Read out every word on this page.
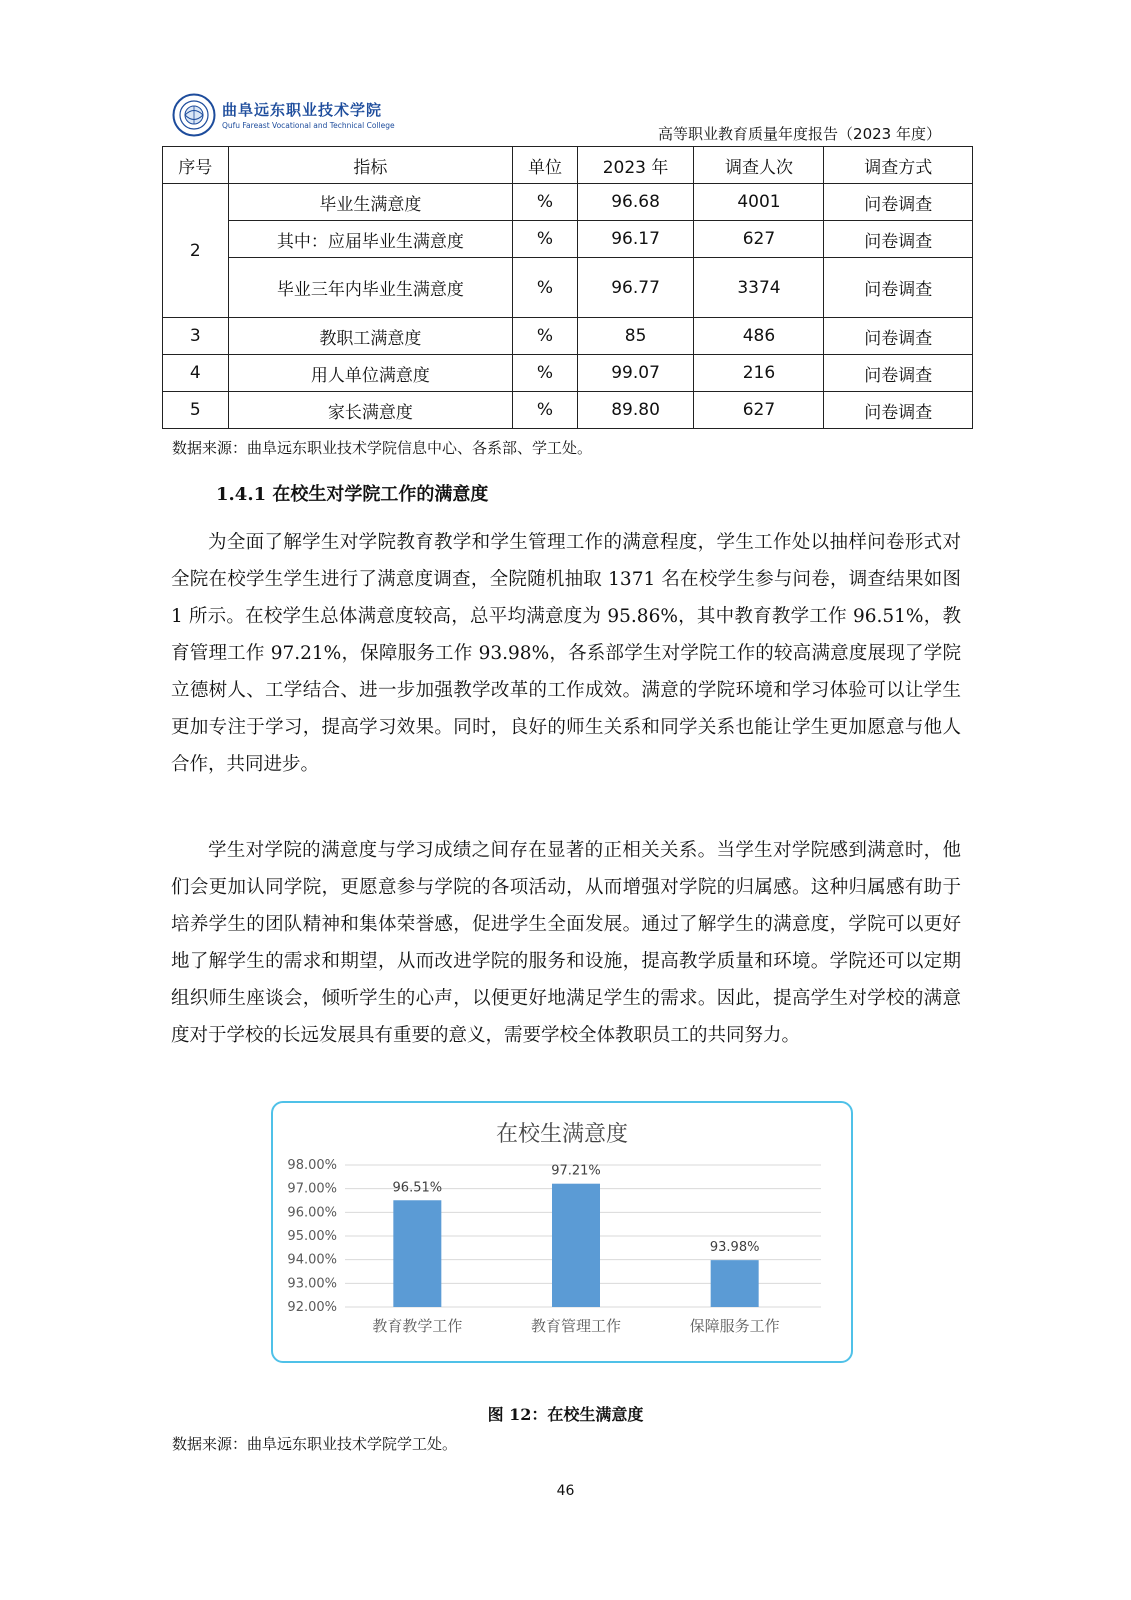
曲阜远东职业技术学院
Qufu Fareast Vocational and Technical College	高等职业教育质量年度报告（2023 年度）
序号	指标	单位	2023 年	调查人次	调查方式
2	毕业生满意度	%	96.68	4001	问卷调查
	其中：应届毕业生满意度	%	96.17	627	问卷调查
	毕业三年内毕业生满意度	%	96.77	3374	问卷调查
3	教职工满意度	%	85	486	问卷调查
4	用人单位满意度	%	99.07	216	问卷调查
5	家长满意度	%	89.80	627	问卷调查
数据来源：曲阜远东职业技术学院信息中心、各系部、学工处。
1.4.1 在校生对学院工作的满意度

为全面了解学生对学院教育教学和学生管理工作的满意程度，学生工作处以抽样问卷形式对全院在校学生学生进行了满意度调查，全院随机抽取 1371 名在校学生参与问卷，调查结果如图 1 所示。在校学生总体满意度较高，总平均满意度为 95.86%，其中教育教学工作 96.51%，教育管理工作 97.21%，保障服务工作 93.98%，各系部学生对学院工作的较高满意度展现了学院立德树人、工学结合、进一步加强教学改革的工作成效。满意的学院环境和学习体验可以让学生更加专注于学习，提高学习效果。同时，良好的师生关系和同学关系也能让学生更加愿意与他人合作，共同进步。

学生对学院的满意度与学习成绩之间存在显著的正相关关系。当学生对学院感到满意时，他们会更加认同学院，更愿意参与学院的各项活动，从而增强对学院的归属感。这种归属感有助于培养学生的团队精神和集体荣誉感，促进学生全面发展。通过了解学生的满意度，学院可以更好地了解学生的需求和期望，从而改进学院的服务和设施，提高教学质量和环境。学院还可以定期组织师生座谈会，倾听学生的心声，以便更好地满足学生的需求。因此，提高学生对学校的满意度对于学校的长远发展具有重要的意义，需要学校全体教职员工的共同努力。

在校生满意度
98.00%
97.00%
96.00%
95.00%
94.00%
93.00%
92.00%
96.51%
教育教学工作
97.21%
教育管理工作
93.98%
保障服务工作
图 12：在校生满意度
数据来源：曲阜远东职业技术学院学工处。
46
